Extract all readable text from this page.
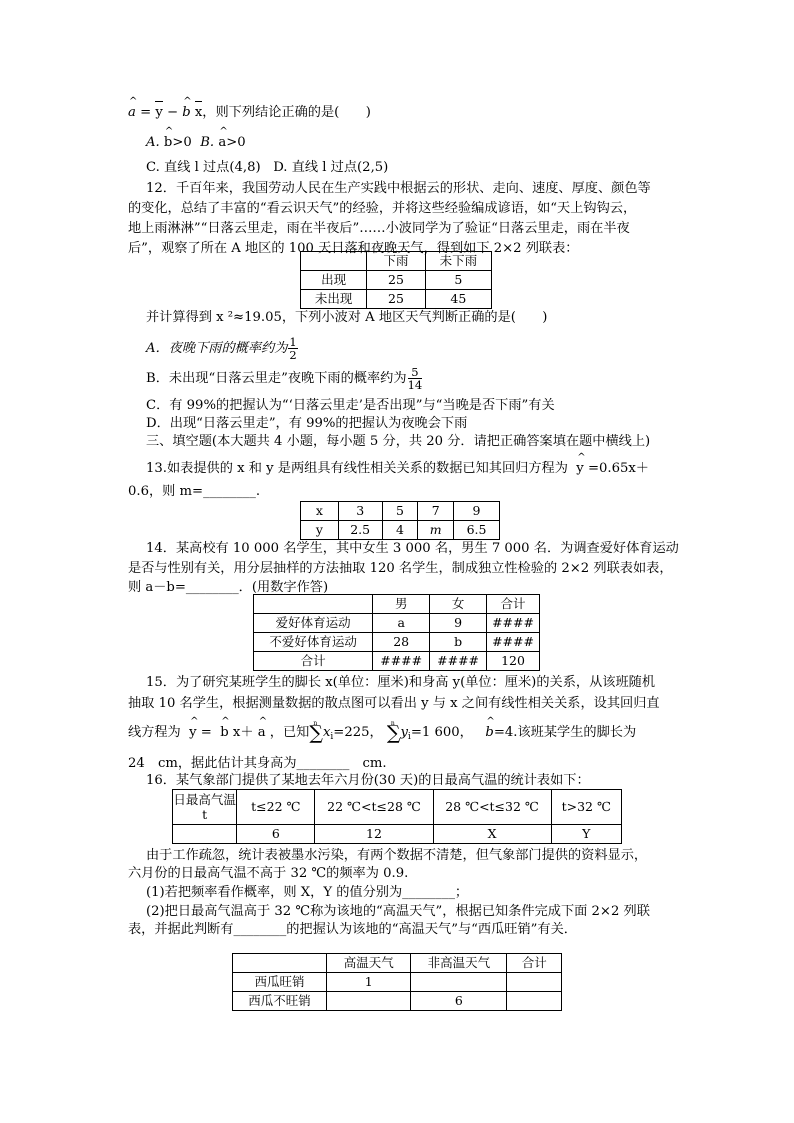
^ a = y − ^ b x，则下列结论正确的是(　　)
A. ^ b>0 B. ^ a>0
C. 直线 l 过点(4,8) D. 直线 l 过点(2,5)
12．千百年来，我国劳动人民在生产实践中根据云的形状、走向、速度、厚度、颜色等
的变化，总结了丰富的“看云识天气”的经验，并将这些经验编成谚语，如“天上钩钩云，
地上雨淋淋”“日落云里走，雨在半夜后”……小波同学为了验证“日落云里走，雨在半夜
后”，观察了所在 A 地区的 100 天日落和夜晚天气，得到如下 2×2 列联表：
	下雨	未下雨
出现	25	5
未出现	25	45
并计算得到 x ²≈19.05，下列小波对 A 地区天气判断正确的是(　　)
A．夜晚下雨的概率约为 $\frac{1}{2}$
B．未出现“日落云里走”夜晚下雨的概率约为 $\frac{5}{14}$
C．有 99%的把握认为“‘日落云里走’是否出现”与“当晚是否下雨”有关
D．出现“日落云里走”，有 99%的把握认为夜晚会下雨
三、填空题(本大题共 4 小题，每小题 5 分，共 20 分．请把正确答案填在题中横线上)
13.如表提供的 x 和 y 是两组具有线性相关关系的数据已知其回归方程为 ^ y =0.65x＋
0.6，则 m=________.
x	3	5	7	9
y	2.5	4	m	6.5
14．某高校有 10 000 名学生，其中女生 3 000 名，男生 7 000 名．为调查爱好体育运动
是否与性别有关，用分层抽样的方法抽取 120 名学生，制成独立性检验的 2×2 列联表如表，
则 a－b=________．(用数字作答)
	男	女	合计
爱好体育运动	a	9	####
不爱好体育运动	28	b	####
合计	####	####	120
15．为了研究某班学生的脚长 x(单位：厘米)和身高 y(单位：厘米)的关系，从该班随机
抽取 10 名学生，根据测量数据的散点图可以看出 y 与 x 之间有线性相关关系，设其回归直
线方程为 ^ y =  ^ b x＋ ^ a ，已知n $\sum x_i=225$， n $\sum y_i=1$ 600， ^ b=4.该班某学生的脚长为
24　cm，据此估计其身高为________　cm.
16．某气象部门提供了某地去年六月份(30 天)的日最高气温的统计表如下：
日最高气温 t	t≤22 ℃	22 ℃<t≤28 ℃	28 ℃<t≤32 ℃	t>32 ℃
	6	12	X	Y
由于工作疏忽，统计表被墨水污染，有两个数据不清楚，但气象部门提供的资料显示，
六月份的日最高气温不高于 32 ℃的频率为 0.9.
(1)若把频率看作概率，则 X，Y 的值分别为________；
(2)把日最高气温高于 32 ℃称为该地的“高温天气”，根据已知条件完成下面 2×2 列联
表，并据此判断有________的把握认为该地的“高温天气”与“西瓜旺销”有关．
	高温天气	非高温天气	合计
西瓜旺销	1		
西瓜不旺销		6	
